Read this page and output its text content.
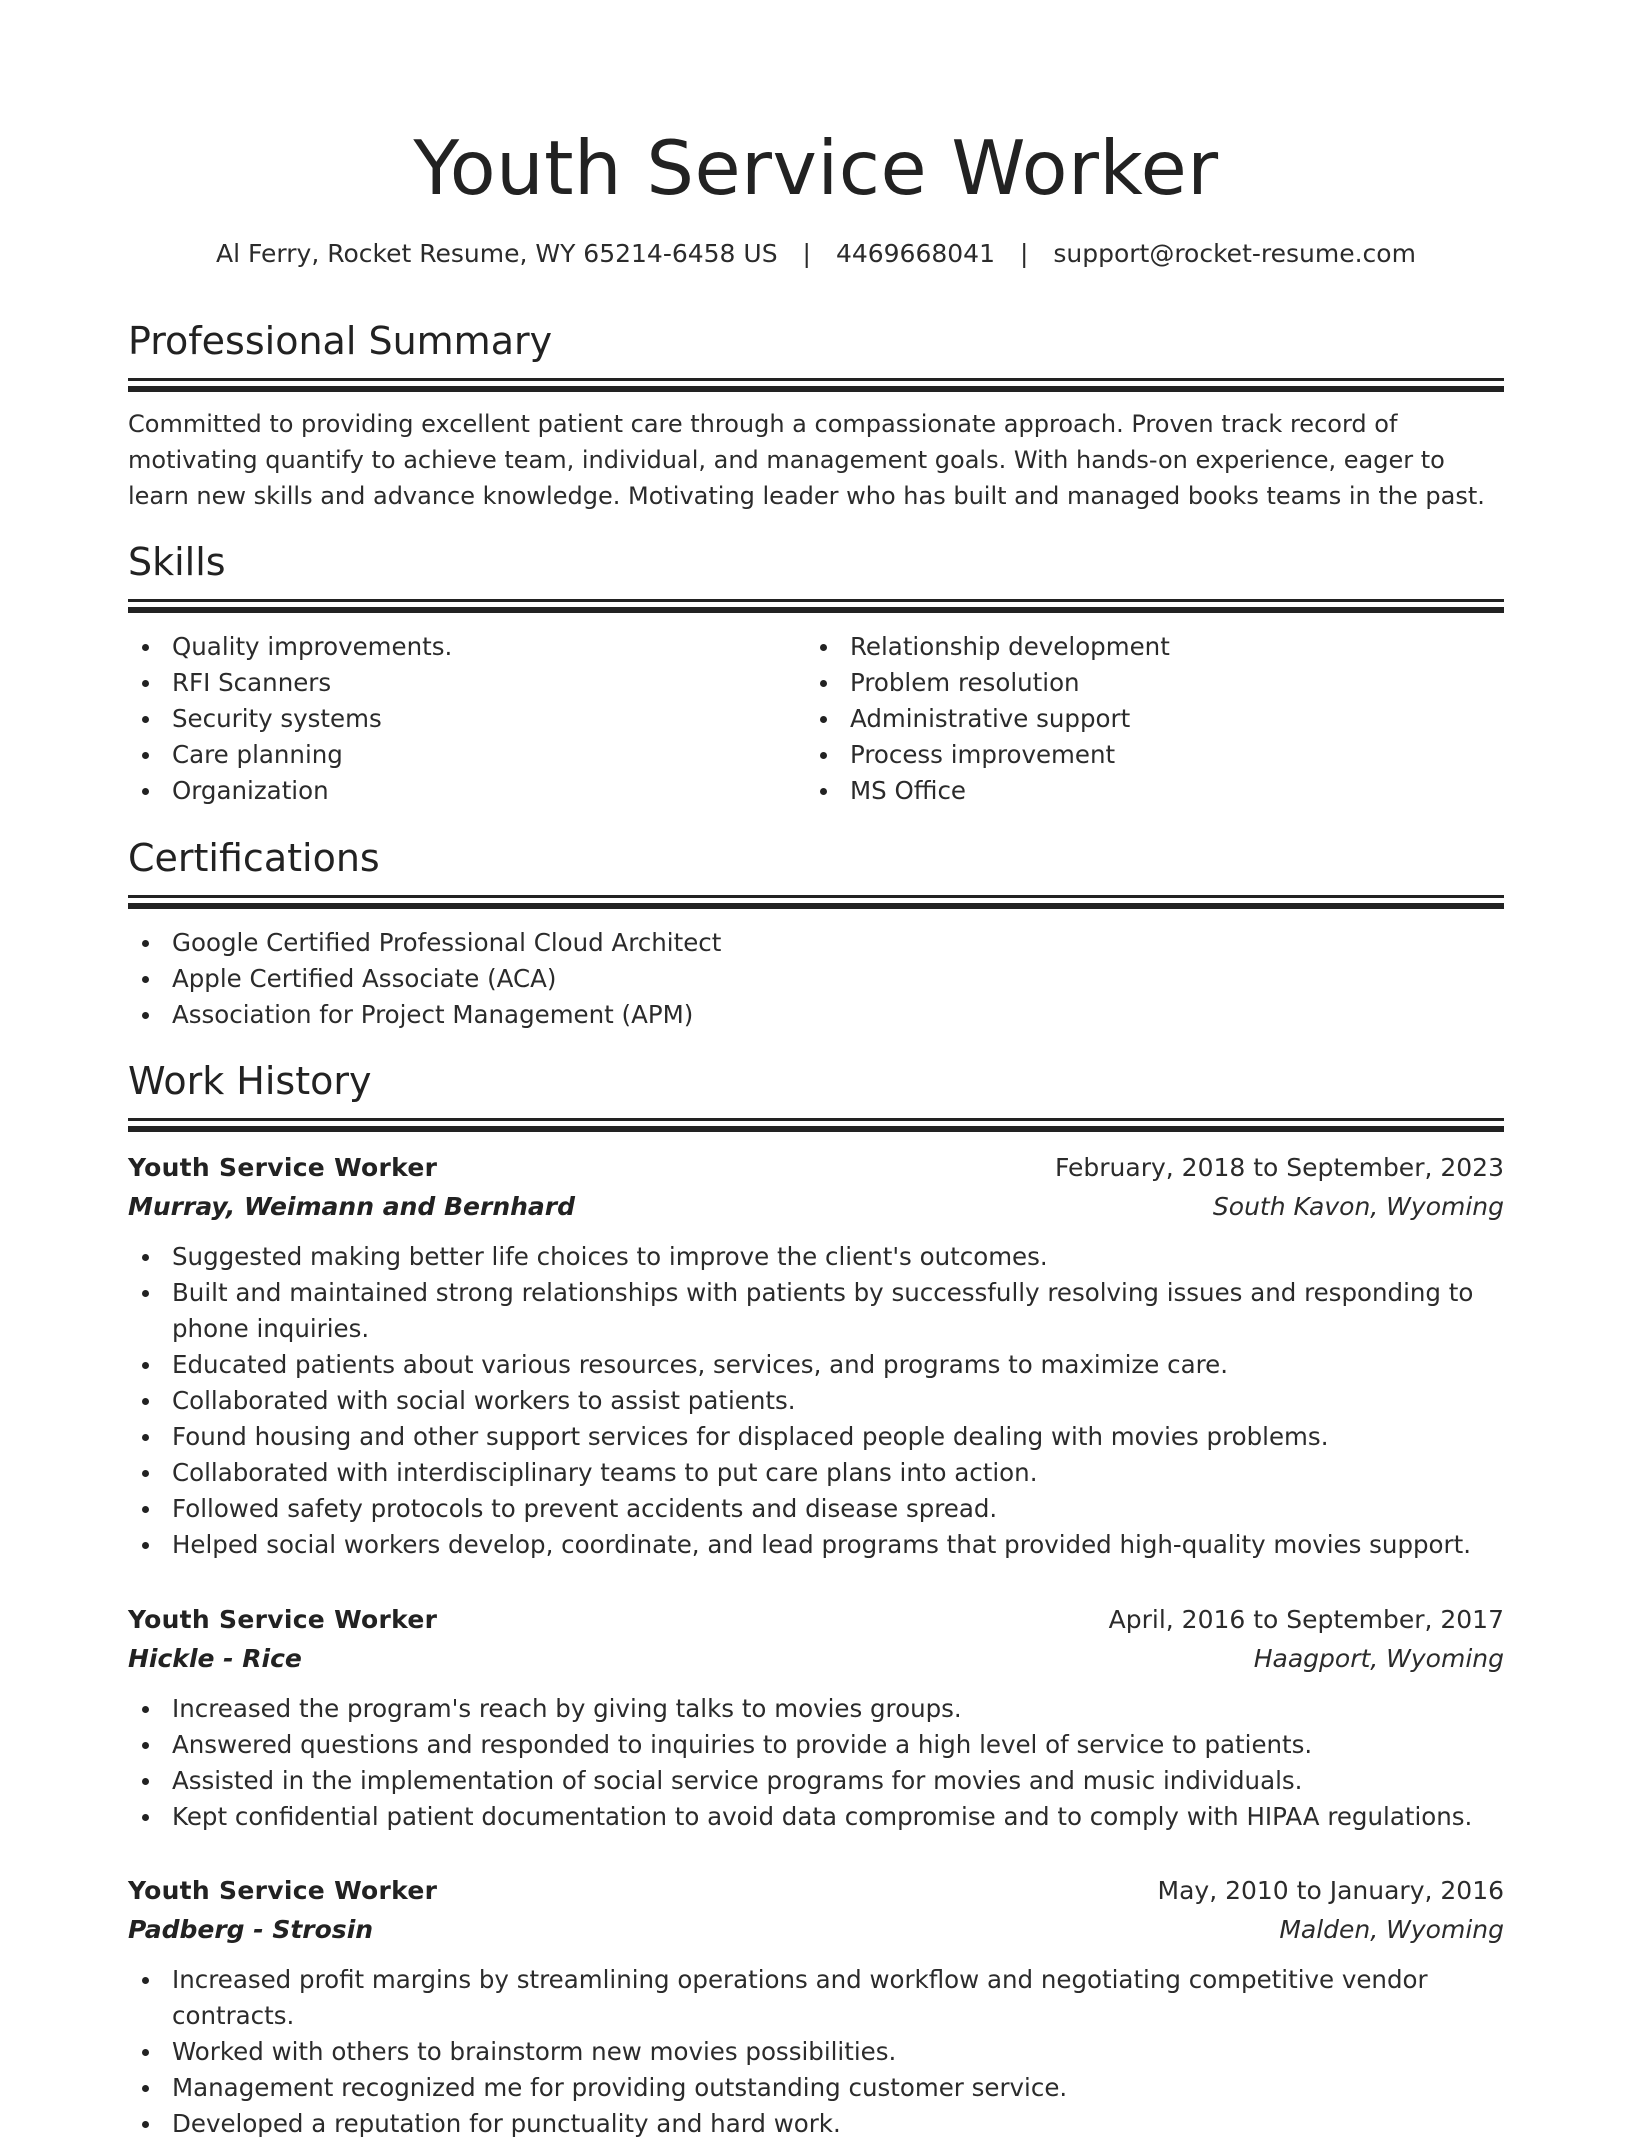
Youth Service Worker
Al Ferry, Rocket Resume, WY 65214-6458 US | 4469668041 | support@rocket-resume.com
Professional Summary

Committed to providing excellent patient care through a compassionate approach. Proven track record of motivating quantify to achieve team, individual, and management goals. With hands-on experience, eager to learn new skills and advance knowledge. Motivating leader who has built and managed books teams in the past.

Skills
Quality improvements.
RFI Scanners
Security systems
Care planning
Organization
Relationship development
Problem resolution
Administrative support
Process improvement
MS Office
Certifications
Google Certified Professional Cloud Architect
Apple Certified Associate (ACA)
Association for Project Management (APM)
Work History
Youth Service Worker	February, 2018 to September, 2023
Murray, Weimann and Bernhard	South Kavon, Wyoming
Suggested making better life choices to improve the client's outcomes.
Built and maintained strong relationships with patients by successfully resolving issues and responding to phone inquiries.
Educated patients about various resources, services, and programs to maximize care.
Collaborated with social workers to assist patients.
Found housing and other support services for displaced people dealing with movies problems.
Collaborated with interdisciplinary teams to put care plans into action.
Followed safety protocols to prevent accidents and disease spread.
Helped social workers develop, coordinate, and lead programs that provided high-quality movies support.
Youth Service Worker	April, 2016 to September, 2017
Hickle - Rice	Haagport, Wyoming
Increased the program's reach by giving talks to movies groups.
Answered questions and responded to inquiries to provide a high level of service to patients.
Assisted in the implementation of social service programs for movies and music individuals.
Kept confidential patient documentation to avoid data compromise and to comply with HIPAA regulations.
Youth Service Worker	May, 2010 to January, 2016
Padberg - Strosin	Malden, Wyoming
Increased profit margins by streamlining operations and workflow and negotiating competitive vendor contracts.
Worked with others to brainstorm new movies possibilities.
Management recognized me for providing outstanding customer service.
Developed a reputation for punctuality and hard work.
